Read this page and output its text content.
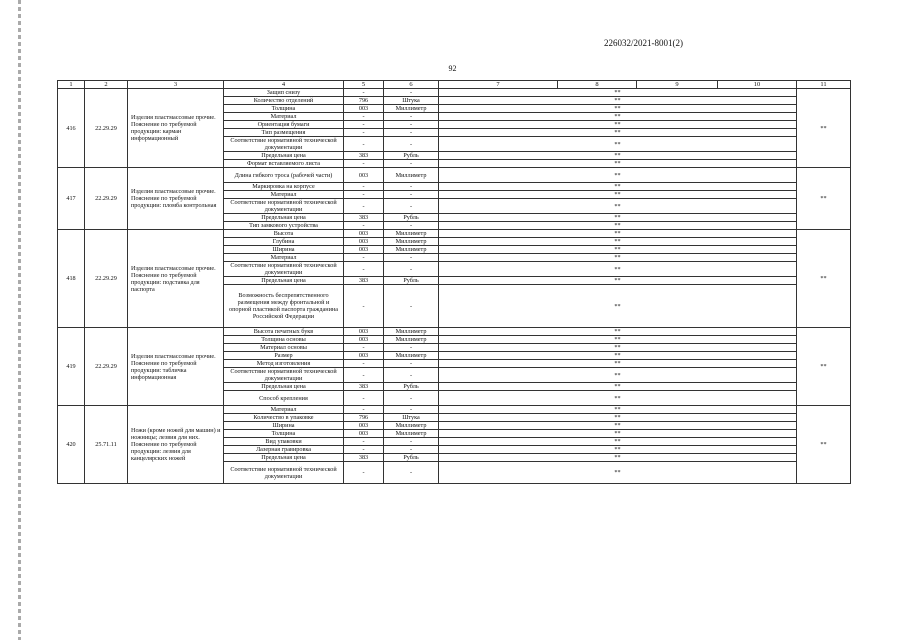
226032/2021-8001(2)
92
1	2	3	4	5	6	7	8	9	10	11
416	22.29.29	Изделия пластмассовые прочие. Пояснение по требуемой продукции: карман информационный	Защип снизу	-	-	**				**
			Количество отделений	796	Штука	**				
			Толщина	003	Миллиметр	**				
			Материал	-	-	**				
			Ориентация бумаги	-	-	**				
			Тип размещения	-	-	**				
			Соответствие нормативной технической документации	-	-	**				
			Предельная цена	383	Рубль	**				
			Формат вставляемого листа	-	-	**				
417	22.29.29	Изделия пластмассовые прочие. Пояснение по требуемой продукции: пломба контрольная	Длина гибкого троса (рабочей части)	003	Миллиметр	**				**
			Маркировка на корпусе	-	-	**				
			Материал	-	-	**				
			Соответствие нормативной технической документации	-	-	**				
			Предельная цена	383	Рубль	**				
			Тип замкового устройства	-	-	**				
418	22.29.29	Изделия пластмассовые прочие. Пояснение по требуемой продукции: подставка для паспорта	Высота	003	Миллиметр	**				**
			Глубина	003	Миллиметр	**				
			Ширина	003	Миллиметр	**				
			Материал	-	-	**				
			Соответствие нормативной технической документации	-	-	**				
			Предельная цена	383	Рубль	**				
			Возможность беспрепятственного размещения между фронтальной и опорной пластикой паспорта гражданина Российской Федерации	-	-	**				
419	22.29.29	Изделия пластмассовые прочие. Пояснение по требуемой продукции: табличка информационная	Высота печатных букв	003	Миллиметр	**				**
			Толщина основы	003	Миллиметр	**				
			Материал основы	-	-	**				
			Размер	003	Миллиметр	**				
			Метод изготовления	-	-	**				
			Соответствие нормативной технической документации	-	-	**				
			Предельная цена	383	Рубль	**				
			Способ крепления	-	-	**				
420	25.71.11	Ножи (кроме ножей для машин) и ножницы; лезвия для них. Пояснение по требуемой продукции: лезвия для канцелярских ножей	Материал	-	-	**				**
			Количество в упаковке	796	Штука	**				
			Ширина	003	Миллиметр	**				
			Толщина	003	Миллиметр	**				
			Вид упаковки	-	-	**				
			Лазерная гравировка	-	-	**				
			Предельная цена	383	Рубль	**				
			Соответствие нормативной технической документации	-	-	**				
